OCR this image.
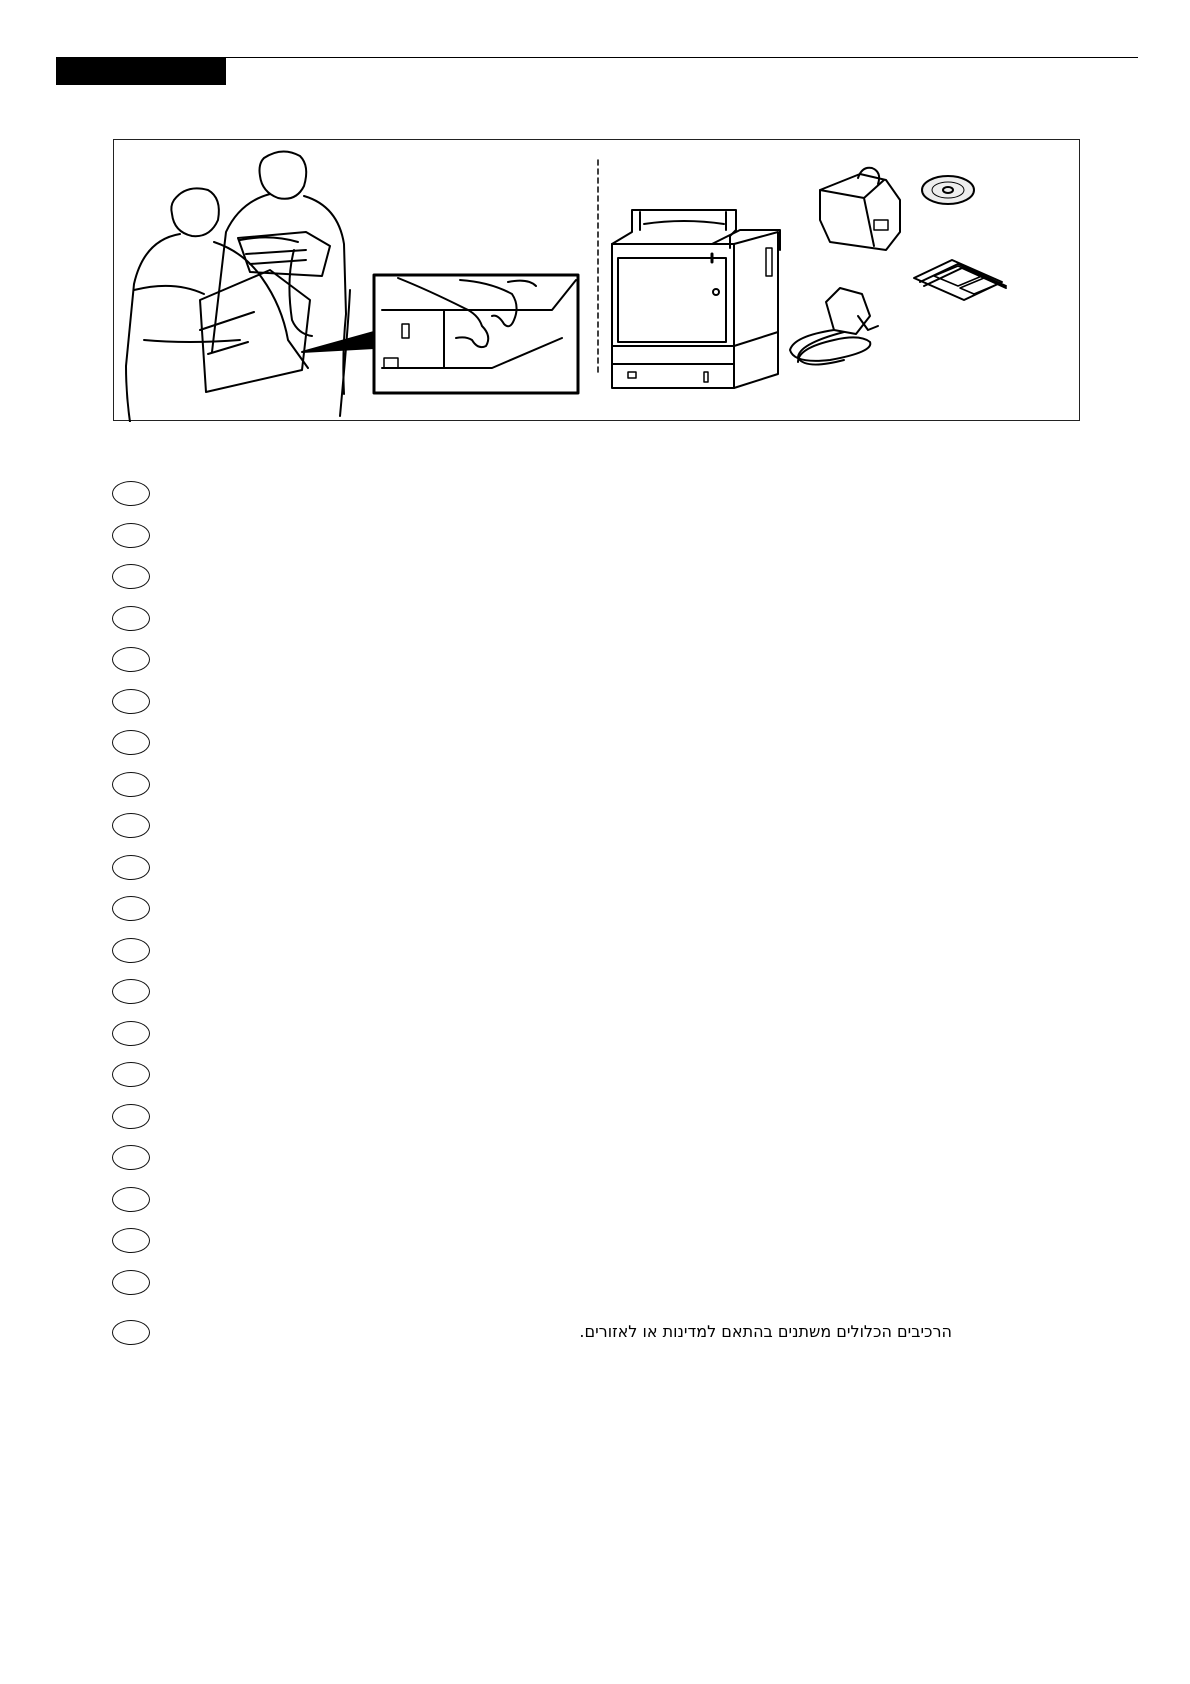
הרכיבים הכלולים משתנים בהתאם למדינות או לאזורים.
